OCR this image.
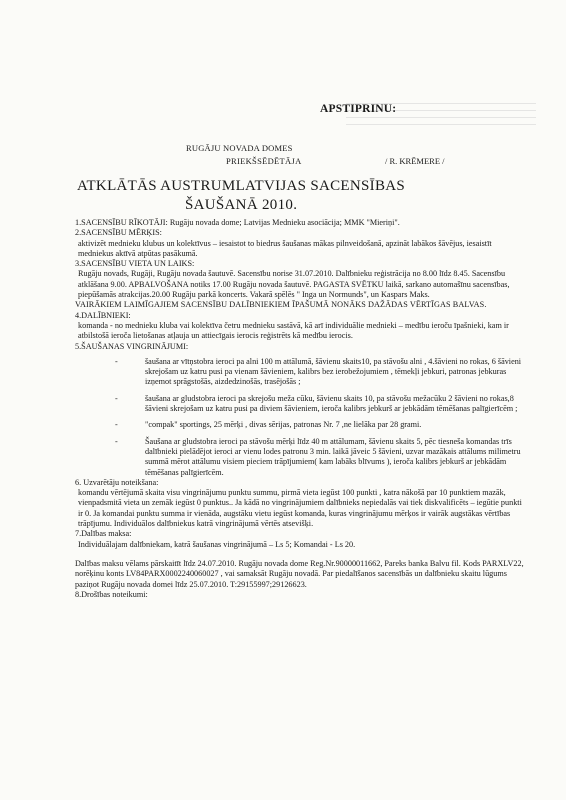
APSTIPRINU:
RUGĀJU NOVADA DOMES
PRIEKŠSĒDĒTĀJA	/ R. KRĒMERE /
ATKLĀTĀS AUSTRUMLATVIJAS SACENSĪBAS
ŠAUŠANĀ 2010.

1.SACENSĪBU RĪKOTĀJI: Rugāju novada dome; Latvijas Mednieku asociācija; MMK "Mieriņi".

2.SACENSĪBU MĒRĶIS:

aktivizēt mednieku klubus un kolektīvus – iesaistot to biedrus šaušanas mākas pilnveidošanā, apzināt labākos šāvējus, iesaistīt medniekus aktīvā atpūtas pasākumā.

3.SACENSĪBU VIETA UN LAIKS:

Rugāju novads, Rugāji, Rugāju novada šautuvē. Sacensību norise 31.07.2010. Dalībnieku reģistrācija no 8.00 līdz 8.45. Sacensību atklāšana 9.00. APBALVOŠANA notiks 17.00 Rugāju novada šautuvē. PAGASTA SVĒTKU laikā, sarkano automašīnu sacensības, piepūšamās atrakcijas.20.00 Rugāju parkā koncerts. Vakarā spēlēs " Inga un Normunds", un Kaspars Maks.

VAIRĀKIEM LAIMĪGAJIEM SACENSĪBU DALĪBNIEKIEM ĪPAŠUMĀ NONĀKS DAŽĀDAS VĒRTĪGAS BALVAS.

4.DALĪBNIEKI:

komanda - no mednieku kluba vai kolektīva četru mednieku sastāvā, kā arī individuālie mednieki – medību ieroču īpašnieki, kam ir atbilstošā ieroča lietošanas atļauja un attiecīgais ierocis reģistrēts kā medību ierocis.

5.ŠAUŠANAS VINGRINĀJUMI:

-	šaušana ar vītņstobra ieroci pa alni 100 m attālumā, šāvienu skaits10, pa stāvošu alni , 4.šāvieni no rokas, 6 šāvieni skrejošam uz katru pusi pa vienam šāvieniem, kalibrs bez ierobežojumiem , tēmekļi jebkuri, patronas jebkuras izņemot sprāgstošās, aizdedzinošās, trasējošās ;
-	šaušana ar gludstobra ieroci pa skrejošu meža cūku, šāvienu skaits 10, pa stāvošu mežacūku 2 šāvieni no rokas,8 šāvieni skrejošam uz katru pusi pa diviem šāvieniem, ieroča kalibrs jebkurš ar jebkādām tēmēšanas palīgierīcēm ;
-	"compak" sportings, 25 mērķi , divas sērijas, patronas Nr. 7 ,ne lielāka par 28 grami.
-	Šaušana ar gludstobra ieroci pa stāvošu mērķi līdz 40 m attālumam, šāvienu skaits 5, pēc tiesneša komandas trīs dalībnieki pielādējot ieroci ar vienu lodes patronu 3 min. laikā jāveic 5 šāvieni, uzvar mazākais attālums milimetru summā mērot attālumu visiem pieciem trāpījumiem( kam labāks blīvums ), ieroča kalibrs jebkurš ar jebkādām tēmēšanas palīgierīcēm.

6. Uzvarētāju noteikšana:

komandu vērtējumā skaita visu vingrinājumu punktu summu, pirmā vieta iegūst 100 punkti , katra nākošā par 10 punktiem mazāk, vienpadsmitā vieta un zemāk iegūst 0 punktus.. Ja kādā no vingrinājumiem dalībnieks nepiedalās vai tiek diskvalificēts – iegūtie punkti ir 0. Ja komandai punktu summa ir vienāda, augstāku vietu iegūst komanda, kuras vingrinājumu mērķos ir vairāk augstākas vērtības trāpījumu. Individuālos dalībniekus katrā vingrinājumā vērtēs atsevišķi.

7.Dalības maksa:

Individuālajam dalībniekam, katrā šaušanas vingrinājumā – Ls 5; Komandai - Ls 20.

Dalības maksu vēlams pārskaitīt līdz 24.07.2010. Rugāju novada dome Reg.Nr.90000011662, Pareks banka Balvu fil. Kods PARXLV22, norēķinu konts LV84PARX0002240060027 , vai samaksāt Rugāju novadā. Par piedalīšanos sacensībās un dalībnieku skaitu lūgums paziņot Rugāju novada domei līdz 25.07.2010. T:29155997;29126623.

8.Drošības noteikumi:
